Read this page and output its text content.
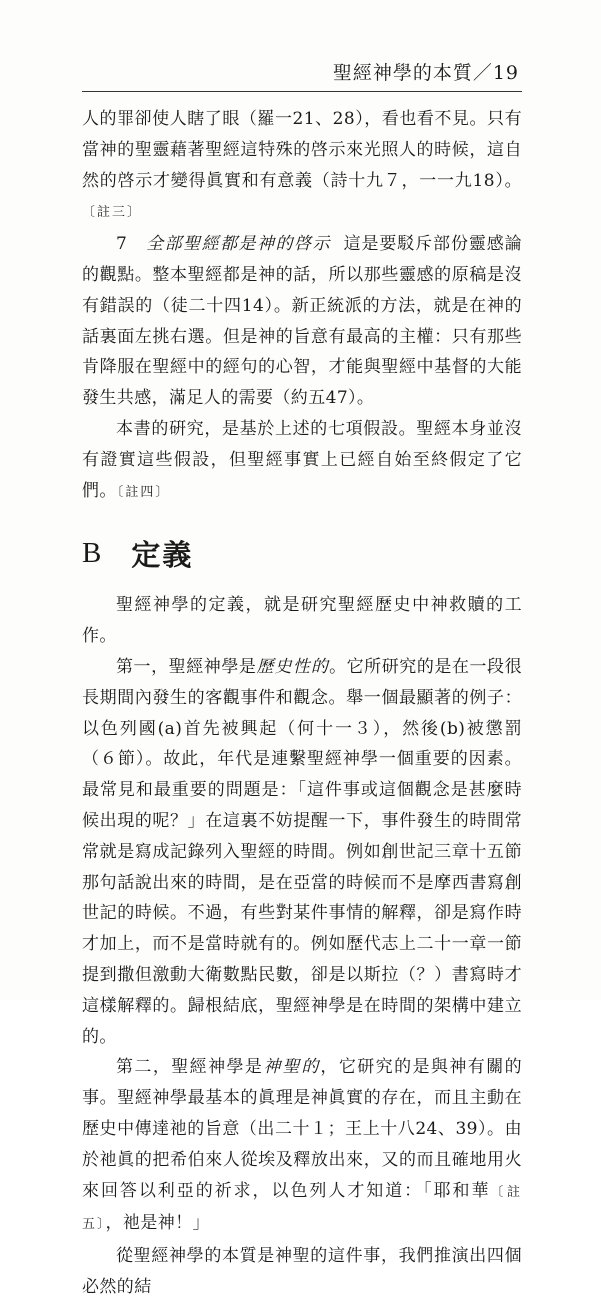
聖經神學的本質／19

人的罪卻使人瞎了眼（羅一21、28），看也看不見。只有當神的聖靈藉著聖經這特殊的啓示來光照人的時候，這自然的啓示才變得眞實和有意義（詩十九７，一一九18）。〔註三〕

7 全部聖經都是神的啓示 這是要駁斥部份靈感論的觀點。整本聖經都是神的話，所以那些靈感的原稿是沒有錯誤的（徒二十四14）。新正統派的方法，就是在神的話裏面左挑右選。但是神的旨意有最高的主權：只有那些肯降服在聖經中的經句的心智，才能與聖經中基督的大能發生共感，滿足人的需要（約五47）。

本書的硏究，是基於上述的七項假設。聖經本身並沒有證實這些假設，但聖經事實上已經自始至終假定了它們。〔註四〕

B 定義

聖經神學的定義，就是研究聖經歷史中神救贖的工作。

第一，聖經神學是歷史性的。它所研究的是在一段很長期間內發生的客觀事件和觀念。舉一個最顯著的例子：以色列國(a)首先被興起（何十一３），然後(b)被懲罰（６節）。故此，年代是連繫聖經神學一個重要的因素。最常見和最重要的問題是：「這件事或這個觀念是甚麼時候出現的呢？」在這裏不妨提醒一下，事件發生的時間常常就是寫成記錄列入聖經的時間。例如創世記三章十五節那句話說出來的時間，是在亞當的時候而不是摩西書寫創世記的時候。不過，有些對某件事情的解釋，卻是寫作時才加上，而不是當時就有的。例如歷代志上二十一章一節提到撒但激動大衛數點民數，卻是以斯拉（？）書寫時才這樣解釋的。歸根結底，聖經神學是在時間的架構中建立的。

第二，聖經神學是神聖的，它研究的是與神有關的事。聖經神學最基本的眞理是神眞實的存在，而且主動在歷史中傳達祂的旨意（出二十１；王上十八24、39）。由於祂眞的把希伯來人從埃及釋放出來，又的而且確地用火來回答以利亞的祈求，以色列人才知道：「耶和華〔註五〕，祂是神！」

從聖經神學的本質是神聖的這件事，我們推演出四個必然的結
